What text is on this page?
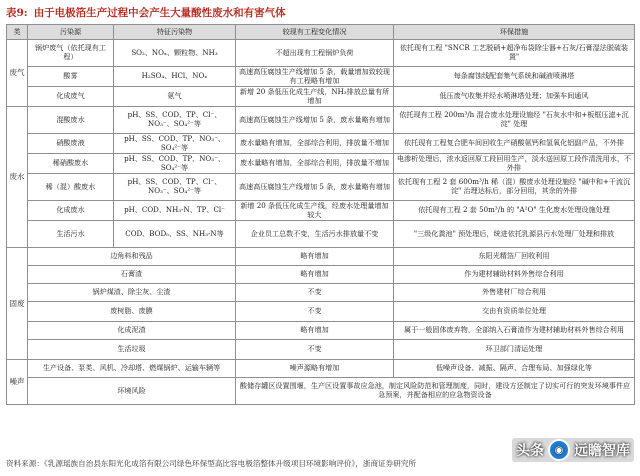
表9: 由于电极箔生产过程中会产生大量酸性废水和有害气体
类	污染源	特征污染物	较现有工程变化情况	环保措施
废气	锅炉废气（依托现有工程）	SO₂、NOₓ、颗粒物、NH₃	不超出现有工程锅炉负荷	依托现有工程 "SNCR 工艺脱硝+超净布袋除尘器+石灰/石膏湿法脱硫装置"
	酸雾	H₂SO₄、HCl、NOₓ	高速高压腐蚀生产线增加 5 条，载量增加致较现有工程略有增加	每条腐蚀线配套集气系统和碱液喷淋塔
	化成废气	氨气	新增 20 条低压化成生产线，NH₃排放总量有所增加	低压废气收集并经水喷淋塔处理；加强车间通风
废水	混酸废水	pH、SS、COD、TP、Cl⁻、NO₃⁻、SO₄²⁻等	高速高压腐蚀生产线增加 5 条，废水量略有增加	依托现有工程 200m³/h 混合废水处理设施经 "石灰水中和+板框压滤+沉淀" 处理
	硝酸废液	pH、SS、COD、TP、NO₃⁻、SO₄²⁻等	废水量略有增加，全部综合利用，排放量不增加	依托现有工程复合肥车间回收生产硝酸氨钙和氢氧化铝副产品，不外排
	稀硝酸废水	pH、SS、COD、TP、NO₃⁻、SO₄²⁻等	废水量略有增加，全部综合利用，排放量不增加	电渗析处理后，浓水返回原工段回用生产，淡水送回原工段作清洗用水，不外排
	稀（混）酸废水	pH、SS、COD、TP、Cl⁻、NO₃⁻、SO₄²⁻等	高速高压腐蚀生产线增加 5 条，废水量略有增加	依托现有工程 2 套 600m³/h 稀（混）酸废水处理设施经 "碱中和+干流沉淀" 治理达标后，部分回用，其余的外排
	化成废水	pH、COD、NH₃-N、TP、Cl⁻	新增 20 条低压化成生产线，经废水处理量增加较大	依托现有工程 2 套 50m³/h 的 "A²O" 生化废水处理设施处理
	生活污水	COD、BOD₅、SS、NH₃-N等	企业员工总数不变，生活污水排放量不变	"三级化粪池" 预处理后，统进依托乳源县污水处理厂处理和排放
固废	边角料和残品		略有增加	东阳光精箔厂回收利用
	石膏渣		略有增加	作为建材辅助材料外售综合利用
	锅炉煤渣、除尘灰、尘渣		不变	外售建材厂综合利用
	废树脂、废膜		不变	交由有资质单位处理
	化成泥渣		略有增加	属于一般固体废弃物，全部纳入石膏渣作为建材辅助材料外售综合利用
	生活垃圾		不变	环卫部门清运处理
噪声	生产设备、泵类、风机、冷却塔、燃煤锅炉、运输车辆等		噪声源略有增加	低噪声设备、减振、隔声、合理布局、加强绿化等
	环境风险		酸储存罐区设置围堰，生产区设置事故应急池，制定风险防范和管理制度，同时，建设方还制定了切实可行的突发环境事件应急预案，并配备相应的应急物资设备	
资料来源：《乳源瑶族自治县东阳光化成箔有限公司绿色环保型高比容电极箔整体升级项目环境影响评价》，浙商证券研究所
头条	◉ 远瞻智库
